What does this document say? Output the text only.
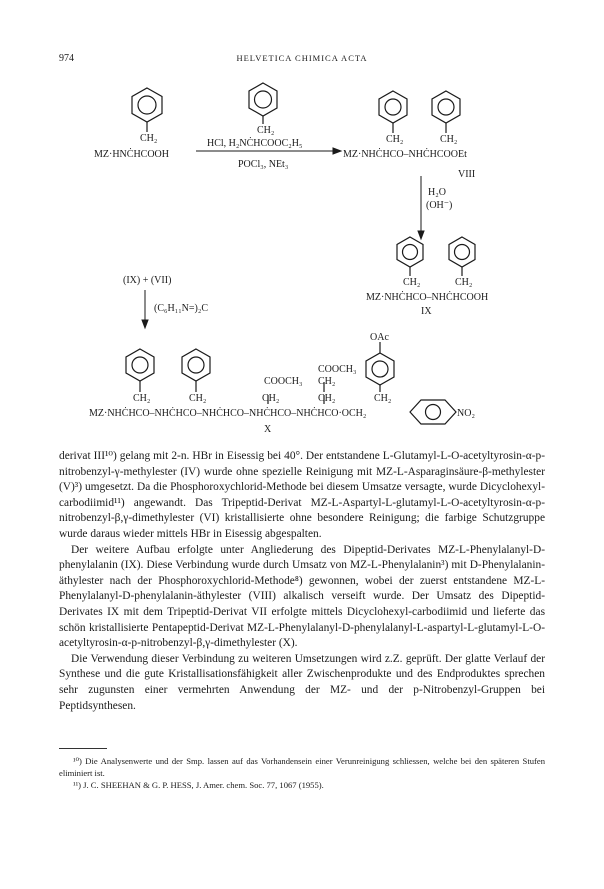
974	HELVETICA CHIMICA ACTA
CH₂
MZ·HNĊHCOOH
CH₂
HCl, H₂NĊHCOOC₂H₅
POCl₃, NEt₃
CH₂	CH₂
MZ·NHĊHCO–NHĊHCOOEt
VIII
H₂O
(OH⁻)
CH₂	CH₂
MZ·NHĊHCO–NHĊHCOOH
IX
(IX) + (VII)
(C₆H₁₁N=)₂C
OAc
COOCH₃
COOCH₃ CH₂
CH₂	CH₂	CH₂	CH₂	CH₂
MZ·NHĊHCO–NHĊHCO–NHĊHCO–NHĊHCO–NHĊHCO·OCH₂	NO₂
X

derivat III¹⁰) gelang mit 2-n. HBr in Eisessig bei 40°. Der entstandene L-Glutamyl-L-O-acetyltyrosin-α-p-nitrobenzyl-γ-methylester (IV) wurde ohne spezielle Reinigung mit MZ-L-Asparaginsäure-β-methylester (V)³) umgesetzt. Da die Phosphoroxychlorid-Methode bei diesem Umsatze versagte, wurde Dicyclohexyl-carbodiimid¹¹) angewandt. Das Tripeptid-Derivat MZ-L-Aspartyl-L-glutamyl-L-O-acetyltyrosin-α-p-nitrobenzyl-β,γ-dimethylester (VI) kristallisierte ohne besondere Reinigung; die farbige Schutzgruppe wurde daraus wieder mittels HBr in Eisessig abgespalten.

Der weitere Aufbau erfolgte unter Angliederung des Dipeptid-Derivates MZ-L-Phenylalanyl-D-phenylalanin (IX). Diese Verbindung wurde durch Umsatz von MZ-L-Phenylalanin³) mit D-Phenylalanin-äthylester nach der Phosphoroxychlorid-Methode⁸) gewonnen, wobei der zuerst entstandene MZ-L-Phenylalanyl-D-phenylalanin-äthylester (VIII) alkalisch verseift wurde. Der Umsatz des Dipeptid-Derivates IX mit dem Tripeptid-Derivat VII erfolgte mittels Dicyclohexyl-carbodiimid und lieferte das schön kristallisierte Pentapeptid-Derivat MZ-L-Phenylalanyl-D-phenylalanyl-L-aspartyl-L-glutamyl-L-O-acetyltyrosin-α-p-nitrobenzyl-β,γ-dimethylester (X).

Die Verwendung dieser Verbindung zu weiteren Umsetzungen wird z.Z. geprüft. Der glatte Verlauf der Synthese und die gute Kristallisationsfähigkeit aller Zwischenprodukte und des Endproduktes sprechen sehr zugunsten einer vermehrten Anwendung der MZ- und der p-Nitrobenzyl-Gruppen bei Peptidsynthesen.

¹⁰) Die Analysenwerte und der Smp. lassen auf das Vorhandensein einer Verunreinigung schliessen, welche bei den späteren Stufen eliminiert ist.

¹¹) J. C. SHEEHAN & G. P. HESS, J. Amer. chem. Soc. 77, 1067 (1955).
